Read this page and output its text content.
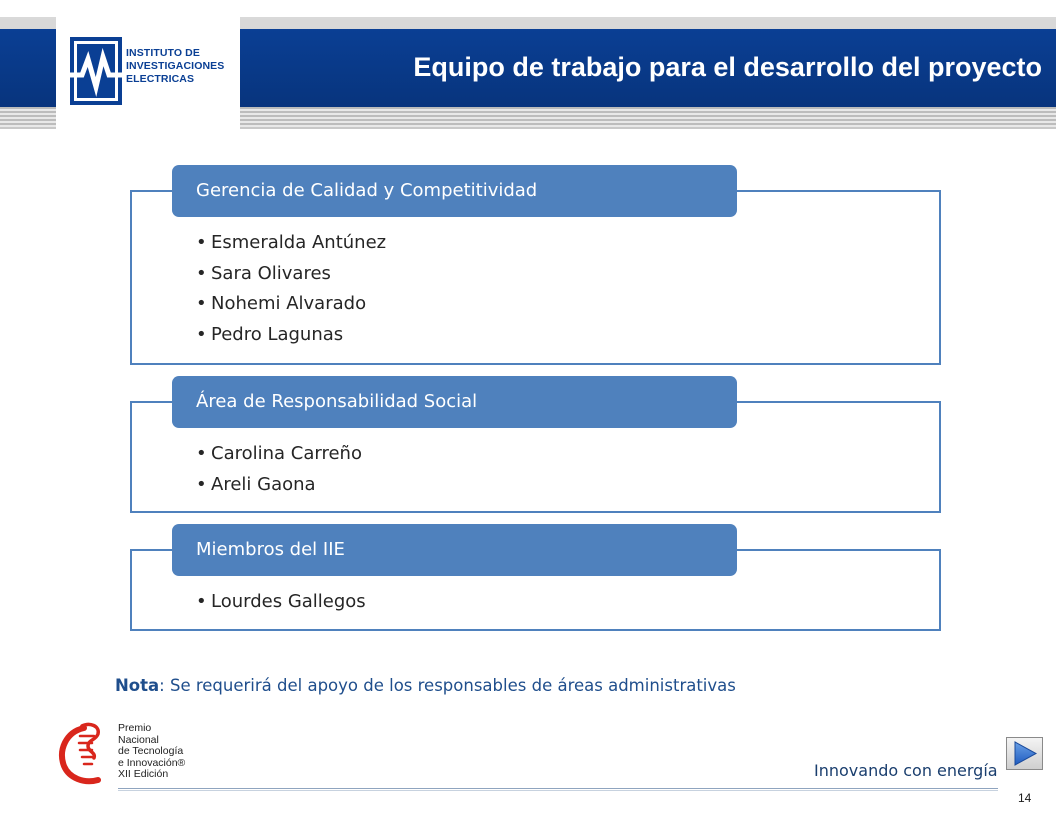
INSTITUTO DE
INVESTIGACIONES
ELECTRICAS	Equipo de trabajo para el desarrollo del proyecto
Gerencia de Calidad y Competitividad
• Esmeralda Antúnez
• Sara Olivares
• Nohemi Alvarado
• Pedro Lagunas
Área de Responsabilidad Social
• Carolina Carreño
• Areli Gaona
Miembros del IIE
• Lourdes Gallegos
Nota: Se requerirá del apoyo de los responsables de áreas administrativas
Premio
Nacional
de Tecnología
e Innovación®
XII Edición	Innovando con energía
14
